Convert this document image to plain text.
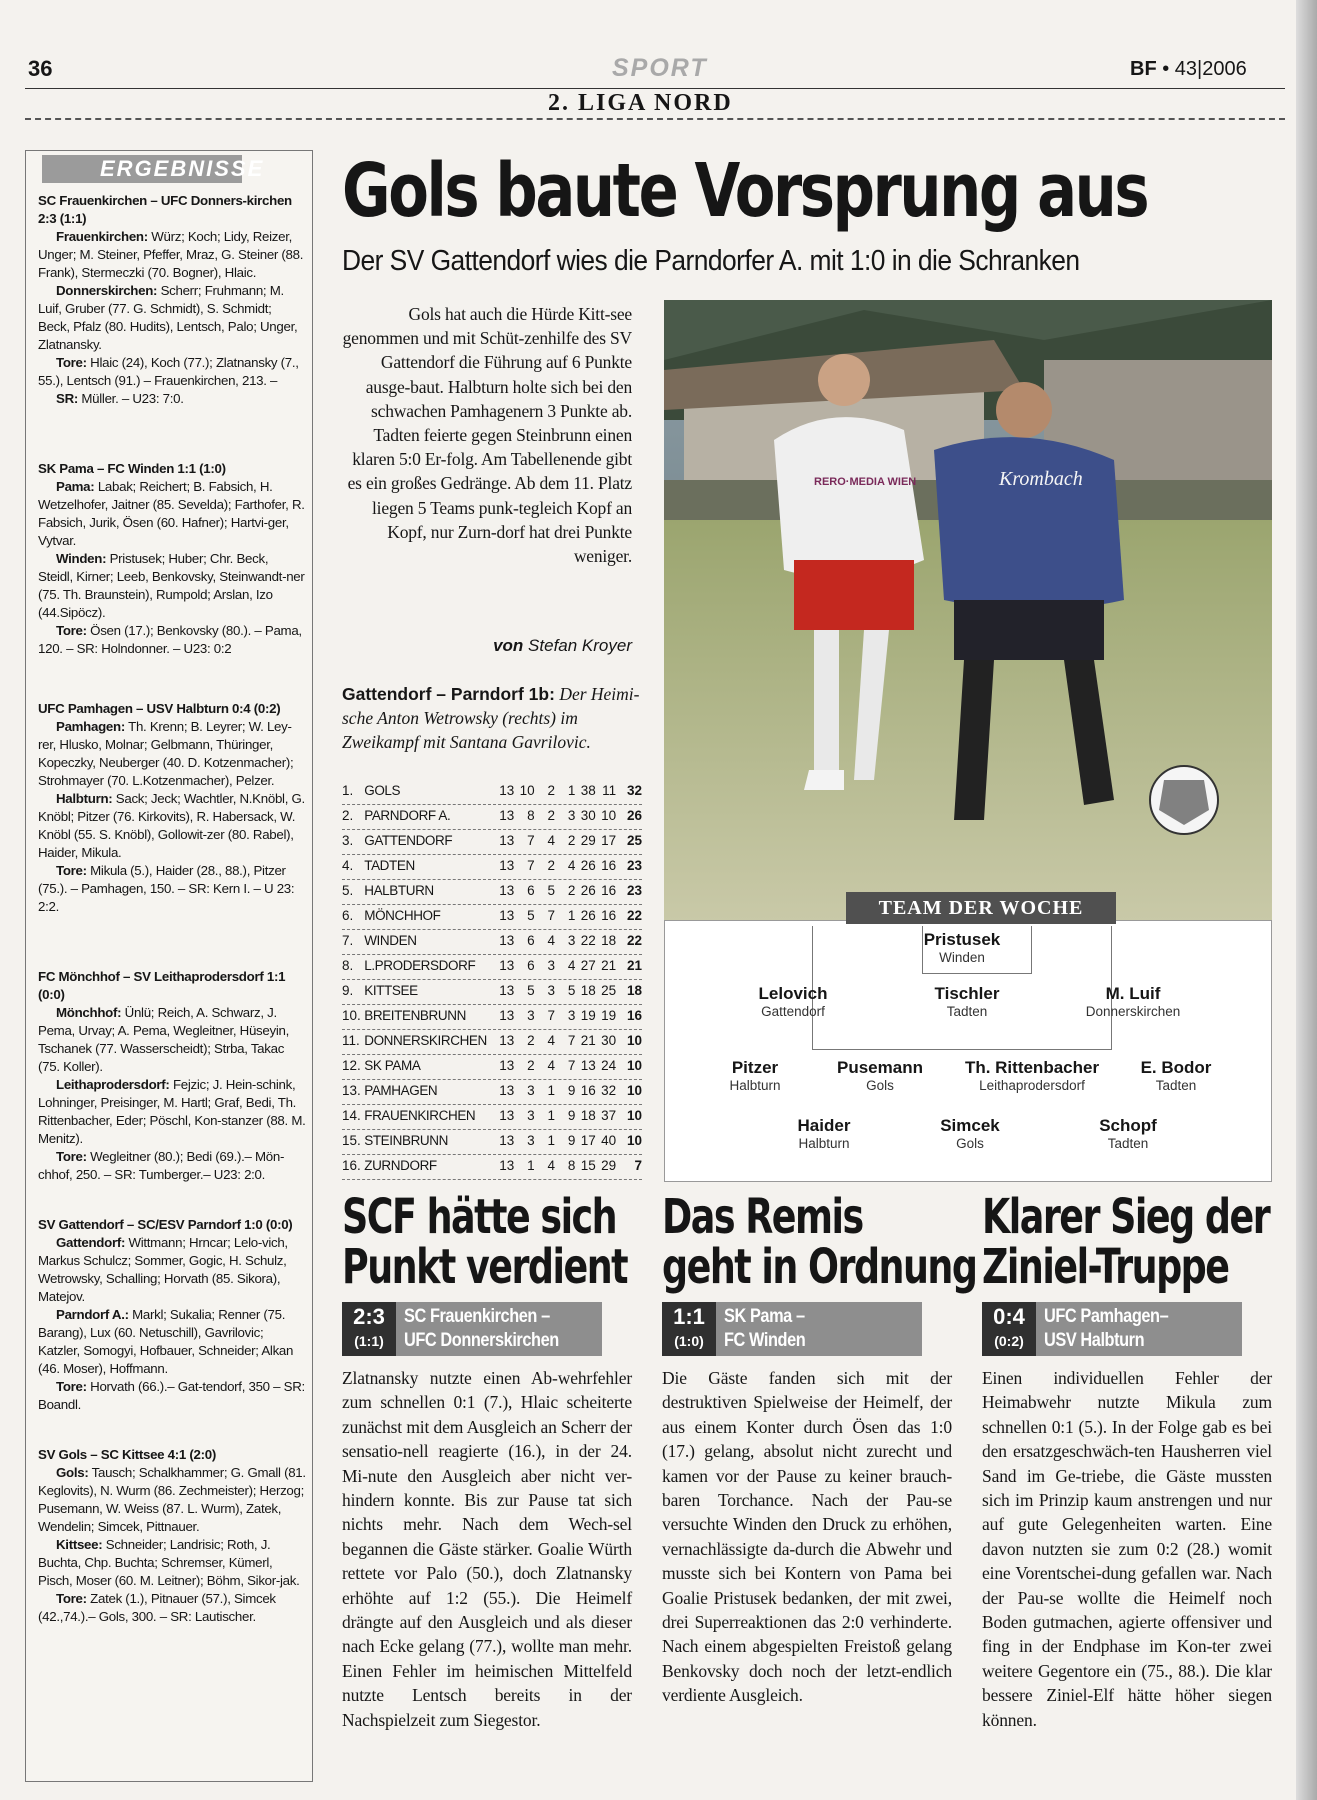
36	SPORT	BF • 43|2006
2. LIGA NORD
ERGEBNISSE
SC Frauenkirchen – UFC Donners-kirchen 2:3 (1:1)

Frauenkirchen: Würz; Koch; Lidy, Reizer, Unger; M. Steiner, Pfeffer, Mraz, G. Steiner (88. Frank), Stermeczki (70. Bogner), Hlaic.

Donnerskirchen: Scherr; Fruhmann; M. Luif, Gruber (77. G. Schmidt), S. Schmidt; Beck, Pfalz (80. Hudits), Lentsch, Palo; Unger, Zlatnansky.

Tore: Hlaic (24), Koch (77.); Zlatnansky (7., 55.), Lentsch (91.) – Frauenkirchen, 213. –

SR: Müller. – U23: 7:0.

SK Pama – FC Winden 1:1 (1:0)

Pama: Labak; Reichert; B. Fabsich, H. Wetzelhofer, Jaitner (85. Sevelda); Farthofer, R. Fabsich, Jurik, Ösen (60. Hafner); Hartvi-ger, Vytvar.

Winden: Pristusek; Huber; Chr. Beck, Steidl, Kirner; Leeb, Benkovsky, Steinwandt-ner (75. Th. Braunstein), Rumpold; Arslan, Izo (44.Sipöcz).

Tore: Ösen (17.); Benkovsky (80.). – Pama, 120. – SR: Holndonner. – U23: 0:2

UFC Pamhagen – USV Halbturn 0:4 (0:2)

Pamhagen: Th. Krenn; B. Leyrer; W. Ley-rer, Hlusko, Molnar; Gelbmann, Thüringer, Kopeczky, Neuberger (40. D. Kotzenmacher); Strohmayer (70. L.Kotzenmacher), Pelzer.

Halbturn: Sack; Jeck; Wachtler, N.Knöbl, G. Knöbl; Pitzer (76. Kirkovits), R. Habersack, W. Knöbl (55. S. Knöbl), Gollowit-zer (80. Rabel), Haider, Mikula.

Tore: Mikula (5.), Haider (28., 88.), Pitzer (75.). – Pamhagen, 150. – SR: Kern I. – U 23: 2:2.

FC Mönchhof – SV Leithaprodersdorf 1:1 (0:0)

Mönchhof: Ünlü; Reich, A. Schwarz, J. Pema, Urvay; A. Pema, Wegleitner, Hüseyin, Tschanek (77. Wasserscheidt); Strba, Takac (75. Koller).

Leithaprodersdorf: Fejzic; J. Hein-schink, Lohninger, Preisinger, M. Hartl; Graf, Bedi, Th. Rittenbacher, Eder; Pöschl, Kon-stanzer (88. M. Menitz).

Tore: Wegleitner (80.); Bedi (69.).– Mön-chhof, 250. – SR: Tumberger.– U23: 2:0.

SV Gattendorf – SC/ESV Parndorf 1:0 (0:0)

Gattendorf: Wittmann; Hrncar; Lelo-vich, Markus Schulcz; Sommer, Gogic, H. Schulz, Wetrowsky, Schalling; Horvath (85. Sikora), Matejov.

Parndorf A.: Markl; Sukalia; Renner (75. Barang), Lux (60. Netuschill), Gavrilovic; Katzler, Somogyi, Hofbauer, Schneider; Alkan (46. Moser), Hoffmann.

Tore: Horvath (66.).– Gat-tendorf, 350 – SR: Boandl.

SV Gols – SC Kittsee 4:1 (2:0)

Gols: Tausch; Schalkhammer; G. Gmall (81. Keglovits), N. Wurm (86. Zechmeister); Herzog; Pusemann, W. Weiss (87. L. Wurm), Zatek, Wendelin; Simcek, Pittnauer.

Kittsee: Schneider; Landrisic; Roth, J. Buchta, Chp. Buchta; Schremser, Kümerl, Pisch, Moser (60. M. Leitner); Böhm, Sikor-jak.

Tore: Zatek (1.), Pitnauer (57.), Simcek (42.,74.).– Gols, 300. – SR: Lautischer.

Gols baute Vorsprung aus
Der SV Gattendorf wies die Parndorfer A. mit 1:0 in die Schranken
Gols hat auch die Hürde Kitt-see genommen und mit Schüt-zenhilfe des SV Gattendorf die Führung auf 6 Punkte ausge-baut. Halbturn holte sich bei den schwachen Pamhagenern 3 Punkte ab. Tadten feierte gegen Steinbrunn einen klaren 5:0 Er-folg. Am Tabellenende gibt es ein großes Gedränge. Ab dem 11. Platz liegen 5 Teams punk-tegleich Kopf an Kopf, nur Zurn-dorf hat drei Punkte weniger.
von Stefan Kroyer
Gattendorf – Parndorf 1b: Der Heimi-sche Anton Wetrowsky (rechts) im Zweikampf mit Santana Gavrilovic.
1. GOLS	13 10 2 1 38 11 32
2. PARNDORF A.	13 8 2 3 30 10 26
3. GATTENDORF	13 7 4 2 29 17 25
4. TADTEN	13 7 2 4 26 16 23
5. HALBTURN	13 6 5 2 26 16 23
6. MÖNCHHOF	13 5 7 1 26 16 22
7. WINDEN	13 6 4 3 22 18 22
8. L.PRODERSDORF	13 6 3 4 27 21 21
9. KITTSEE	13 5 3 5 18 25 18
10. BREITENBRUNN	13 3 7 3 19 19 16
11. DONNERSKIRCHEN 13 2 4 7 21 30 10
12. SK PAMA	13 2 4 7 13 24 10
13. PAMHAGEN	13 3 1 9 16 32 10
14. FRAUENKIRCHEN	13 3 1 9 18 37 10
15. STEINBRUNN	13 3 1 9 17 40 10
16. ZURNDORF	13 1 4 8 15 29	7
RERO·MEDIA WIEN	Krombach
TEAM DER WOCHE
Pristusek
Winden
Lelovich
Gattendorf
Tischler
Tadten
M. Luif
Donnerskirchen
Pitzer
Halbturn
Pusemann
Gols
Th. Rittenbacher
Leithaprodersdorf
E. Bodor
Tadten
Haider
Halbturn
Simcek
Gols
Schopf
Tadten
SCF hätte sich
Punkt verdient
2:3
(1:1)
SC Frauenkirchen –
UFC Donnerskirchen
Zlatnansky nutzte einen Ab-wehrfehler zum schnellen 0:1 (7.), Hlaic scheiterte zunächst mit dem Ausgleich an Scherr der sensatio-nell reagierte (16.), in der 24. Mi-nute den Ausgleich aber nicht ver-hindern konnte. Bis zur Pause tat sich nichts mehr. Nach dem Wech-sel begannen die Gäste stärker. Goalie Würth rettete vor Palo (50.), doch Zlatnansky erhöhte auf 1:2 (55.). Die Heimelf drängte auf den Ausgleich und als dieser nach Ecke gelang (77.), wollte man mehr. Einen Fehler im heimischen Mittelfeld nutzte Lentsch bereits in der Nachspielzeit zum Siegestor.
Das Remis
geht in Ordnung
1:1
(1:0)
SK Pama –
FC Winden
Die Gäste fanden sich mit der destruktiven Spielweise der Heimelf, der aus einem Konter durch Ösen das 1:0 (17.) gelang, absolut nicht zurecht und kamen vor der Pause zu keiner brauch-baren Torchance. Nach der Pau-se versuchte Winden den Druck zu erhöhen, vernachlässigte da-durch die Abwehr und musste sich bei Kontern von Pama bei Goalie Pristusek bedanken, der mit zwei, drei Superreaktionen das 2:0 verhinderte. Nach einem abgespielten Freistoß gelang Benkovsky doch noch der letzt-endlich verdiente Ausgleich.
Klarer Sieg der
Ziniel-Truppe
0:4
(0:2)
UFC Pamhagen–
USV Halbturn
Einen individuellen Fehler der Heimabwehr nutzte Mikula zum schnellen 0:1 (5.). In der Folge gab es bei den ersatzgeschwäch-ten Hausherren viel Sand im Ge-triebe, die Gäste mussten sich im Prinzip kaum anstrengen und nur auf gute Gelegenheiten warten. Eine davon nutzten sie zum 0:2 (28.) womit eine Vorentschei-dung gefallen war. Nach der Pau-se wollte die Heimelf noch Boden gutmachen, agierte offensiver und fing in der Endphase im Kon-ter zwei weitere Gegentore ein (75., 88.). Die klar bessere Ziniel-Elf hätte höher siegen können.
